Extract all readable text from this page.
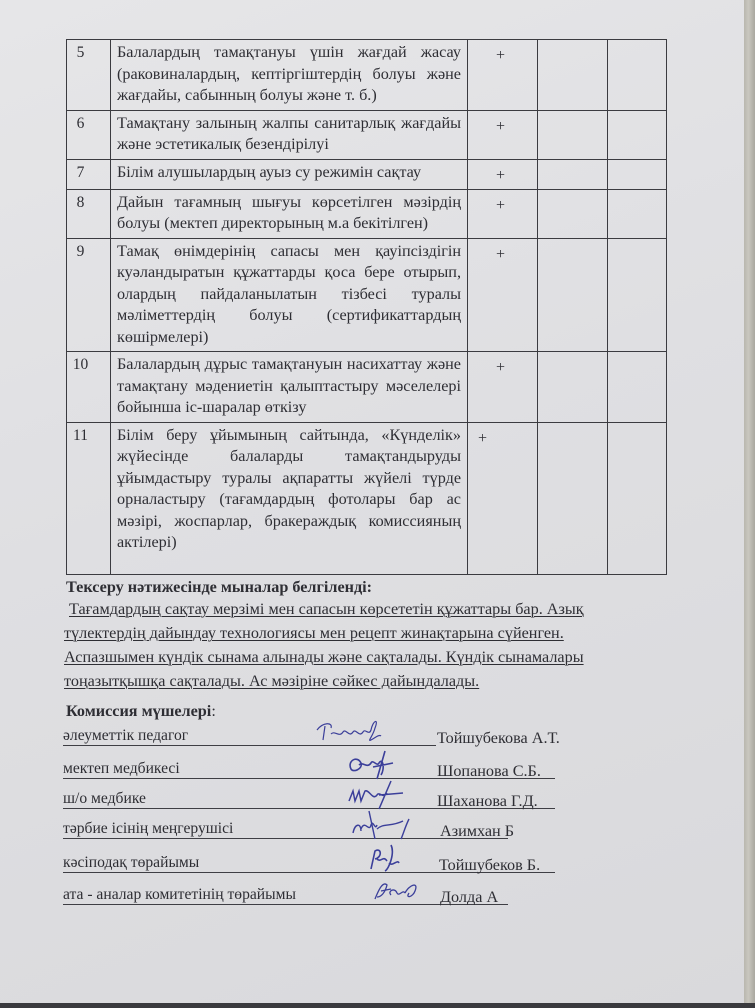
5	Балалардың тамақтануы үшін жағдай жасау (раковиналардың, кептіргіштердің болуы және жағдайы, сабынның болуы және т. б.)	+		

6	Тамақтану залының жалпы санитарлық жағдайы және эстетикалық безендірілуі	+		

7	Білім алушылардың ауыз су режимін сақтау	+		

8	Дайын тағамның шығуы көрсетілген мәзірдің болуы (мектеп директорының м.а бекітілген)	+		

9	Тамақ өнімдерінің сапасы мен қауіпсіздігін куәландыратын құжаттарды қоса бере отырып, олардың пайдаланылатын тізбесі туралы мәліметтердің болуы (сертификаттардың көшірмелері)	+		

10	Балалардың дұрыс тамақтануын насихаттау және тамақтану мәдениетін қалыптастыру мәселелері бойынша іс-шаралар өткізу	+		

11	Білім беру ұйымының сайтында, «Күнделік» жүйесінде балаларды тамақтандыруды ұйымдастыру туралы ақпаратты жүйелі түрде орналастыру (тағамдардың фотолары бар ас мәзірі, жоспарлар, бракераждық комиссияның актілері)	+		

Тексеру нәтижесінде мыналар белгіленді:
Тағамдардың сақтау мерзімі мен сапасын көрсететін құжаттары бар. Азық
түлектердің дайындау технологиясы мен рецепт жинақтарына сүйенген.
Аспазшымен күндік сынама алынады және сақталады. Күндік сынамалары
тоңазытқышқа сақталады. Ас мәзіріне сәйкес дайындалады.
Комиссия мүшелері:
әлеуметтік педагог	Тойшубекова А.Т.
мектеп медбикесі	Шопанова С.Б.
ш/о медбике	Шаханова Г.Д.
тәрбие ісінің меңгерушісі	Азимхан Б
кәсіподақ төрайымы	Тойшубеков Б.
ата - аналар комитетінің төрайымы	Долда А
